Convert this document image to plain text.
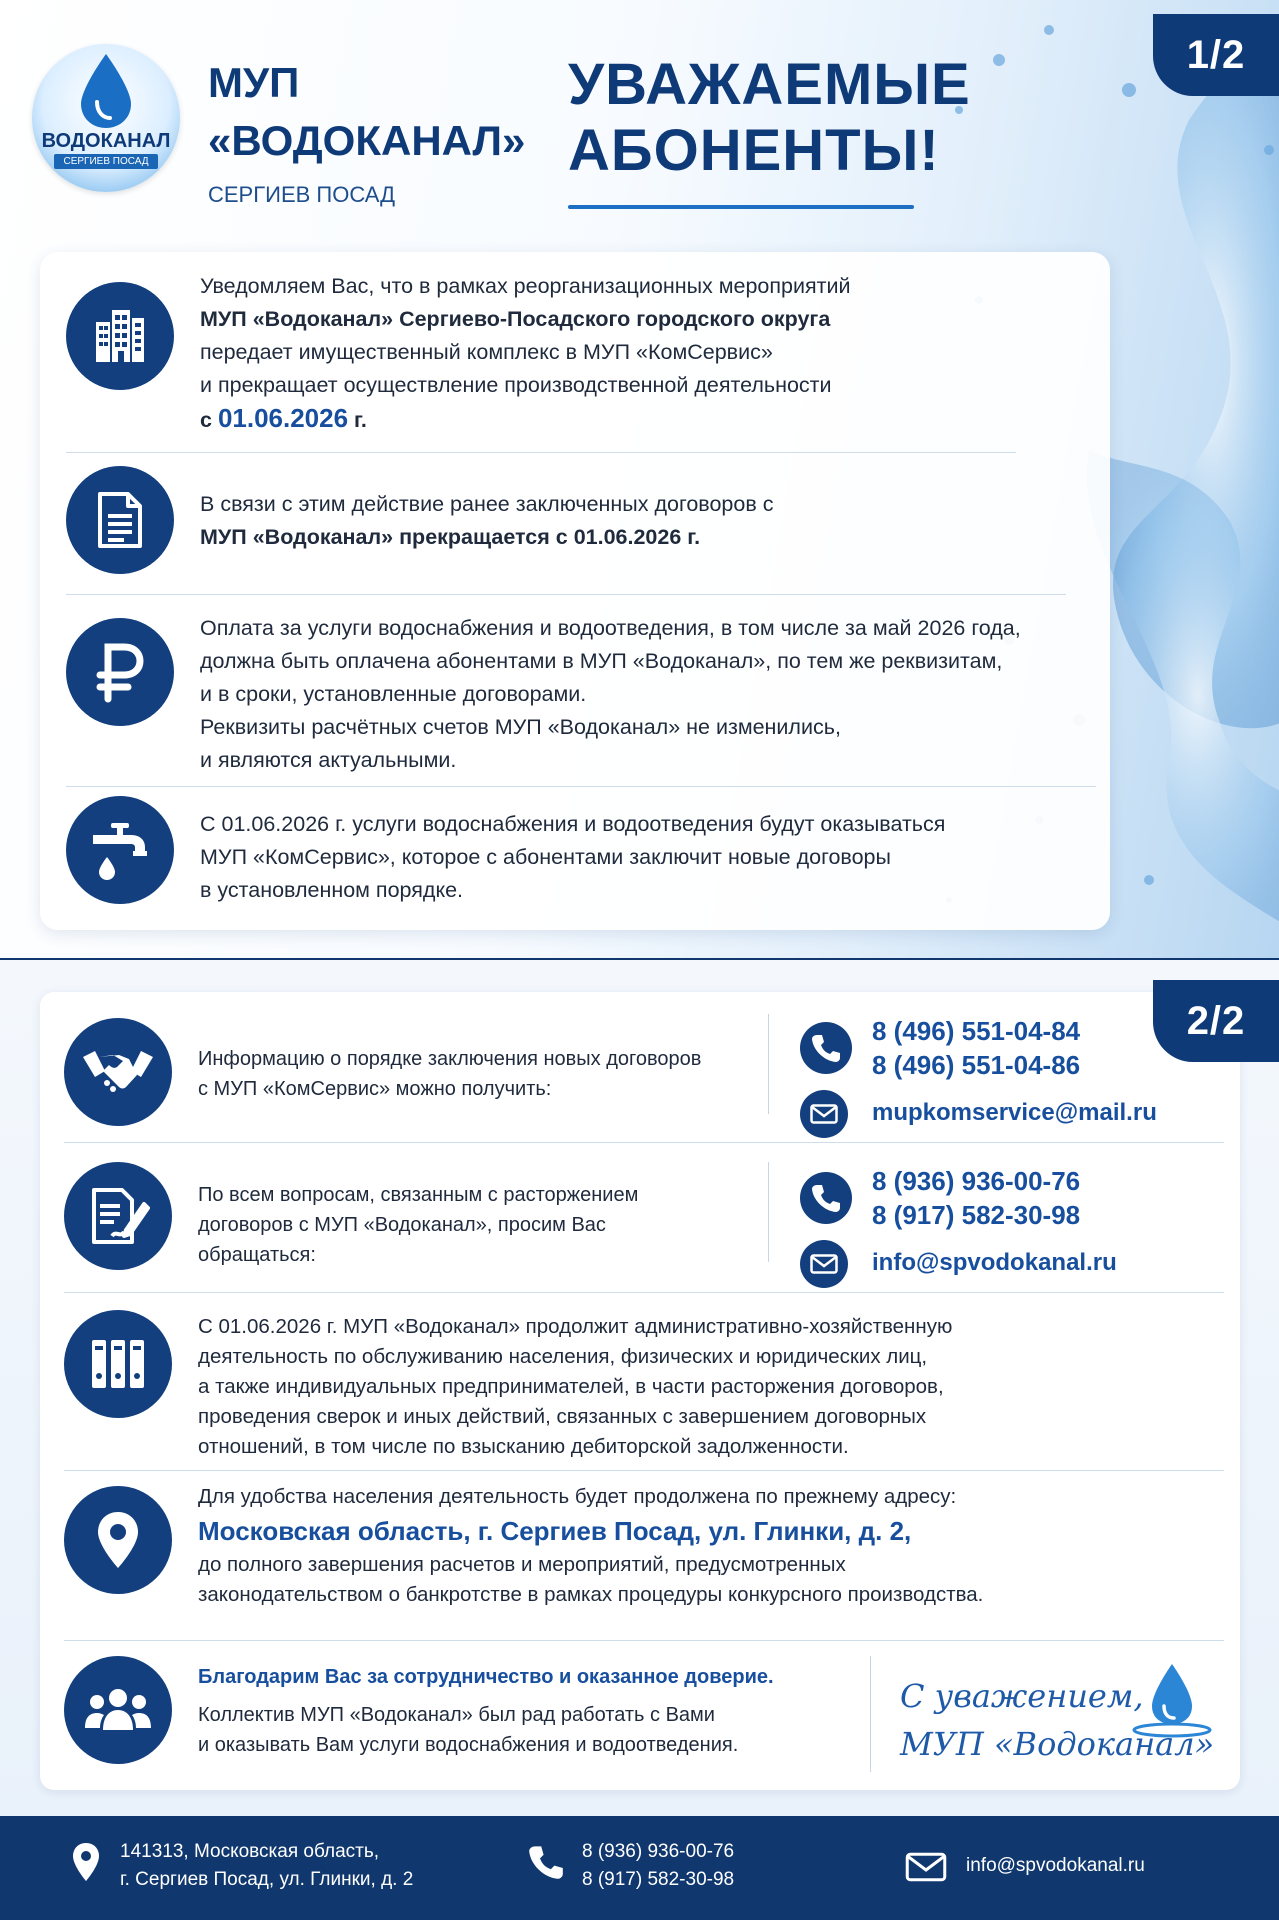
1/2
ВОДОКАНАЛ
СЕРГИЕВ ПОСАД
МУП
«ВОДОКАНАЛ»
СЕРГИЕВ ПОСАД
УВАЖАЕМЫЕ
АБОНЕНТЫ!
Уведомляем Вас, что в рамках реорганизационных мероприятий
МУП «Водоканал» Сергиево-Посадского городского округа
передает имущественный комплекс в МУП «КомСервис»
и прекращает осуществление производственной деятельности
с 01.06.2026 г.
В связи с этим действие ранее заключенных договоров с
МУП «Водоканал» прекращается с 01.06.2026 г.
Оплата за услуги водоснабжения и водоотведения, в том числе за май 2026 года,
должна быть оплачена абонентами в МУП «Водоканал», по тем же реквизитам,
и в сроки, установленные договорами.
Реквизиты расчётных счетов МУП «Водоканал» не изменились,
и являются актуальными.
С 01.06.2026 г. услуги водоснабжения и водоотведения будут оказываться
МУП «КомСервис», которое с абонентами заключит новые договоры
в установленном порядке.
Информацию о порядке заключения новых договоров
с МУП «КомСервис» можно получить:
8 (496) 551-04-84
8 (496) 551-04-86
mupkomservice@mail.ru
По всем вопросам, связанным с расторжением
договоров с МУП «Водоканал», просим Вас
обращаться:
8 (936) 936-00-76
8 (917) 582-30-98
info@spvodokanal.ru
С 01.06.2026 г. МУП «Водоканал» продолжит административно-хозяйственную
деятельность по обслуживанию населения, физических и юридических лиц,
а также индивидуальных предпринимателей, в части расторжения договоров,
проведения сверок и иных действий, связанных с завершением договорных
отношений, в том числе по взысканию дебиторской задолженности.
Для удобства населения деятельность будет продолжена по прежнему адресу:
Московская область, г. Сергиев Посад, ул. Глинки, д. 2,
до полного завершения расчетов и мероприятий, предусмотренных
законодательством о банкротстве в рамках процедуры конкурсного производства.
Благодарим Вас за сотрудничество и оказанное доверие.
Коллектив МУП «Водоканал» был рад работать с Вами
и оказывать Вам услуги водоснабжения и водоотведения.
С уважением,
МУП «Водоканал»
2/2
141313, Московская область,
г. Сергиев Посад, ул. Глинки, д. 2
8 (936) 936-00-76
8 (917) 582-30-98
info@spvodokanal.ru
